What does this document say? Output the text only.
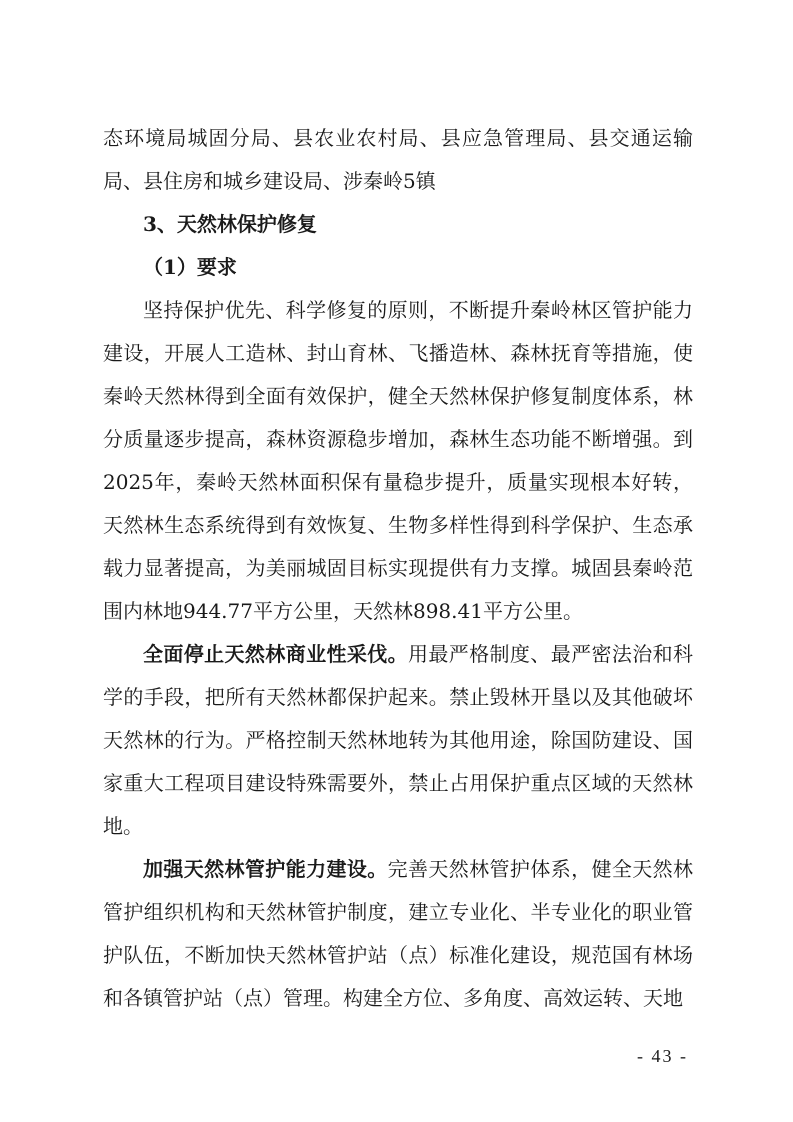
态环境局城固分局、县农业农村局、县应急管理局、县交通运输局、县住房和城乡建设局、涉秦岭5镇

3、天然林保护修复

（1）要求

坚持保护优先、科学修复的原则，不断提升秦岭林区管护能力建设，开展人工造林、封山育林、飞播造林、森林抚育等措施，使秦岭天然林得到全面有效保护，健全天然林保护修复制度体系，林分质量逐步提高，森林资源稳步增加，森林生态功能不断增强。到2025年，秦岭天然林面积保有量稳步提升，质量实现根本好转，天然林生态系统得到有效恢复、生物多样性得到科学保护、生态承载力显著提高，为美丽城固目标实现提供有力支撑。城固县秦岭范围内林地944.77平方公里，天然林898.41平方公里。

全面停止天然林商业性采伐。用最严格制度、最严密法治和科学的手段，把所有天然林都保护起来。禁止毁林开垦以及其他破坏天然林的行为。严格控制天然林地转为其他用途，除国防建设、国家重大工程项目建设特殊需要外，禁止占用保护重点区域的天然林地。

加强天然林管护能力建设。完善天然林管护体系，健全天然林管护组织机构和天然林管护制度，建立专业化、半专业化的职业管护队伍，不断加快天然林管护站（点）标准化建设，规范国有林场和各镇管护站（点）管理。构建全方位、多角度、高效运转、天地

- 43 -
